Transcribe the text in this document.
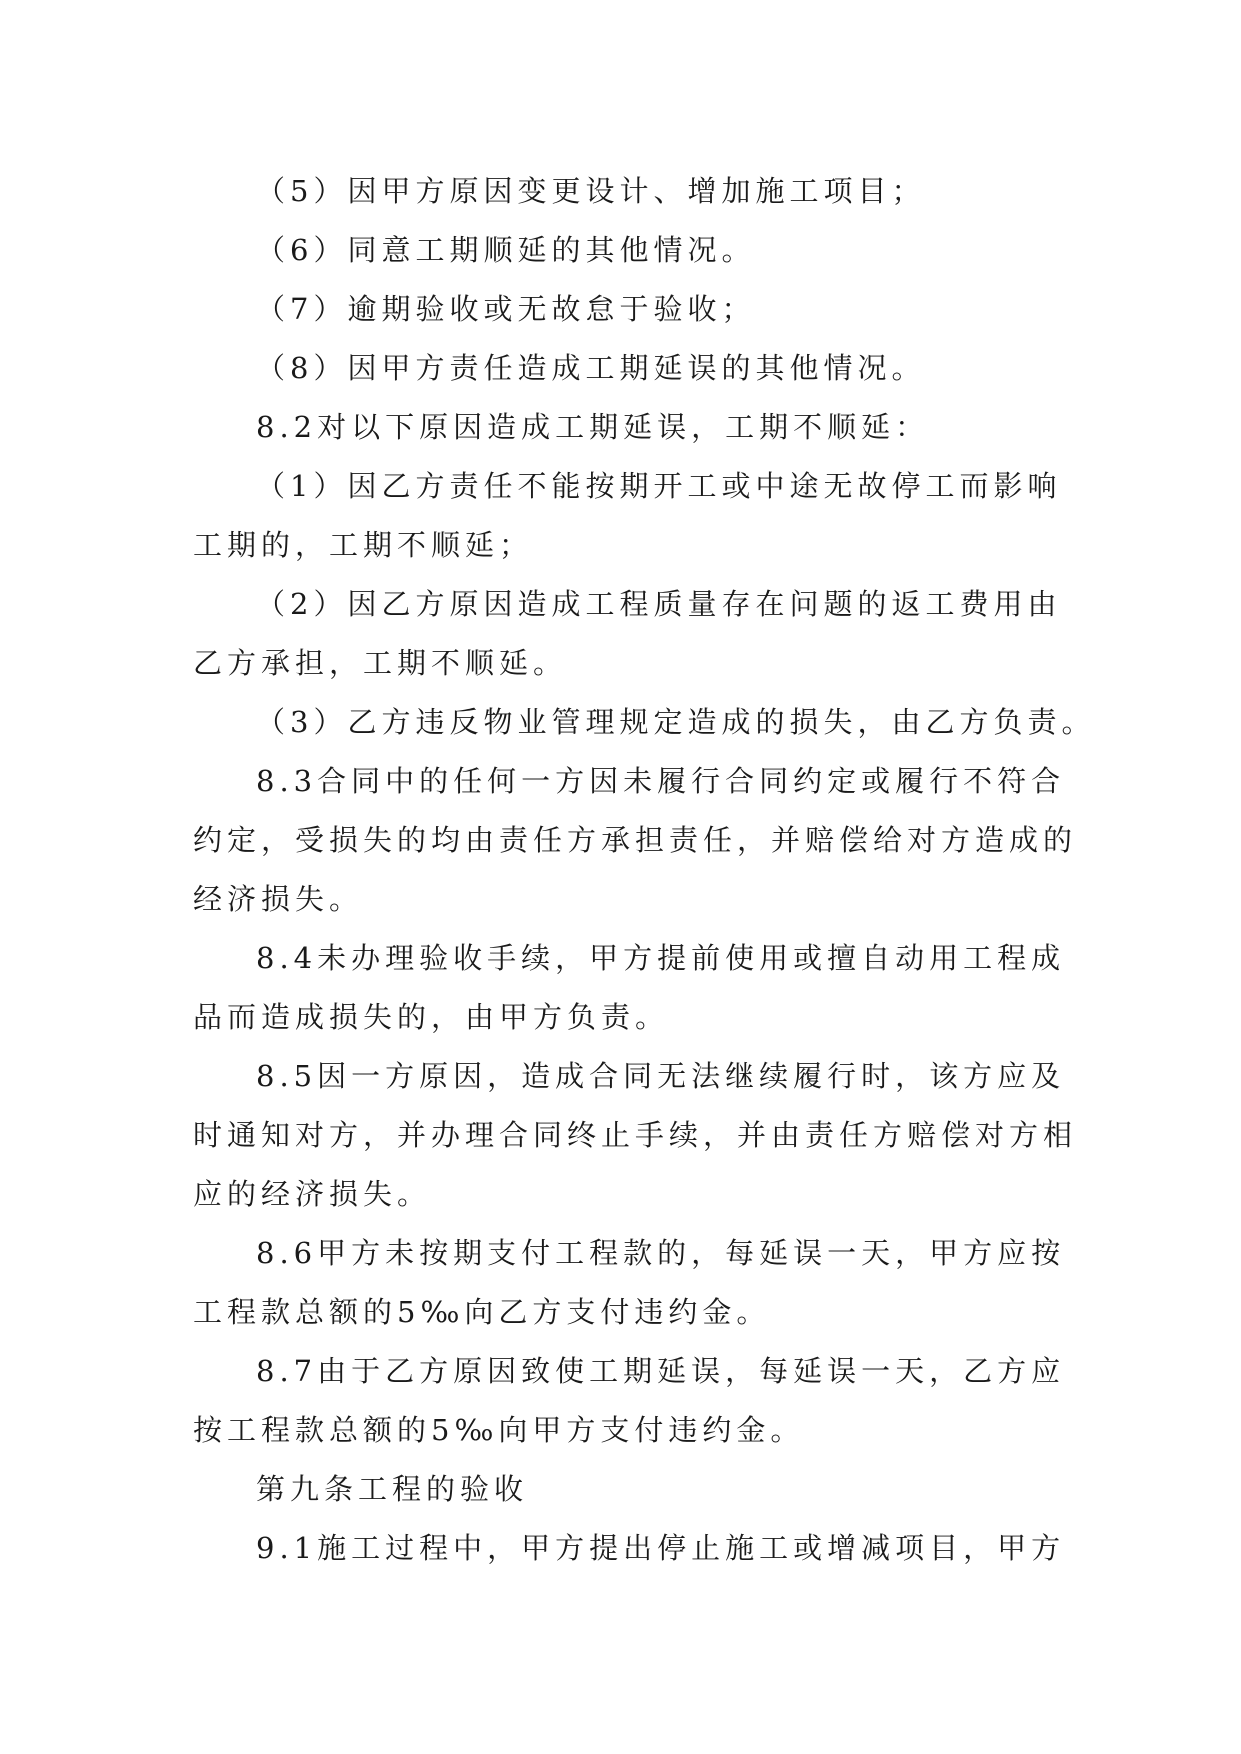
（5）因甲方原因变更设计、增加施工项目；
（6）同意工期顺延的其他情况。
（7）逾期验收或无故怠于验收；
（8）因甲方责任造成工期延误的其他情况。
8.2对以下原因造成工期延误，工期不顺延：
（1）因乙方责任不能按期开工或中途无故停工而影响
工期的，工期不顺延；
（2）因乙方原因造成工程质量存在问题的返工费用由
乙方承担，工期不顺延。
（3）乙方违反物业管理规定造成的损失，由乙方负责。
8.3合同中的任何一方因未履行合同约定或履行不符合
约定，受损失的均由责任方承担责任，并赔偿给对方造成的
经济损失。
8.4未办理验收手续，甲方提前使用或擅自动用工程成
品而造成损失的，由甲方负责。
8.5因一方原因，造成合同无法继续履行时，该方应及
时通知对方，并办理合同终止手续，并由责任方赔偿对方相
应的经济损失。
8.6甲方未按期支付工程款的，每延误一天，甲方应按
工程款总额的5‰向乙方支付违约金。
8.7由于乙方原因致使工期延误，每延误一天，乙方应
按工程款总额的5‰向甲方支付违约金。
第九条工程的验收
9.1施工过程中，甲方提出停止施工或增减项目，甲方
